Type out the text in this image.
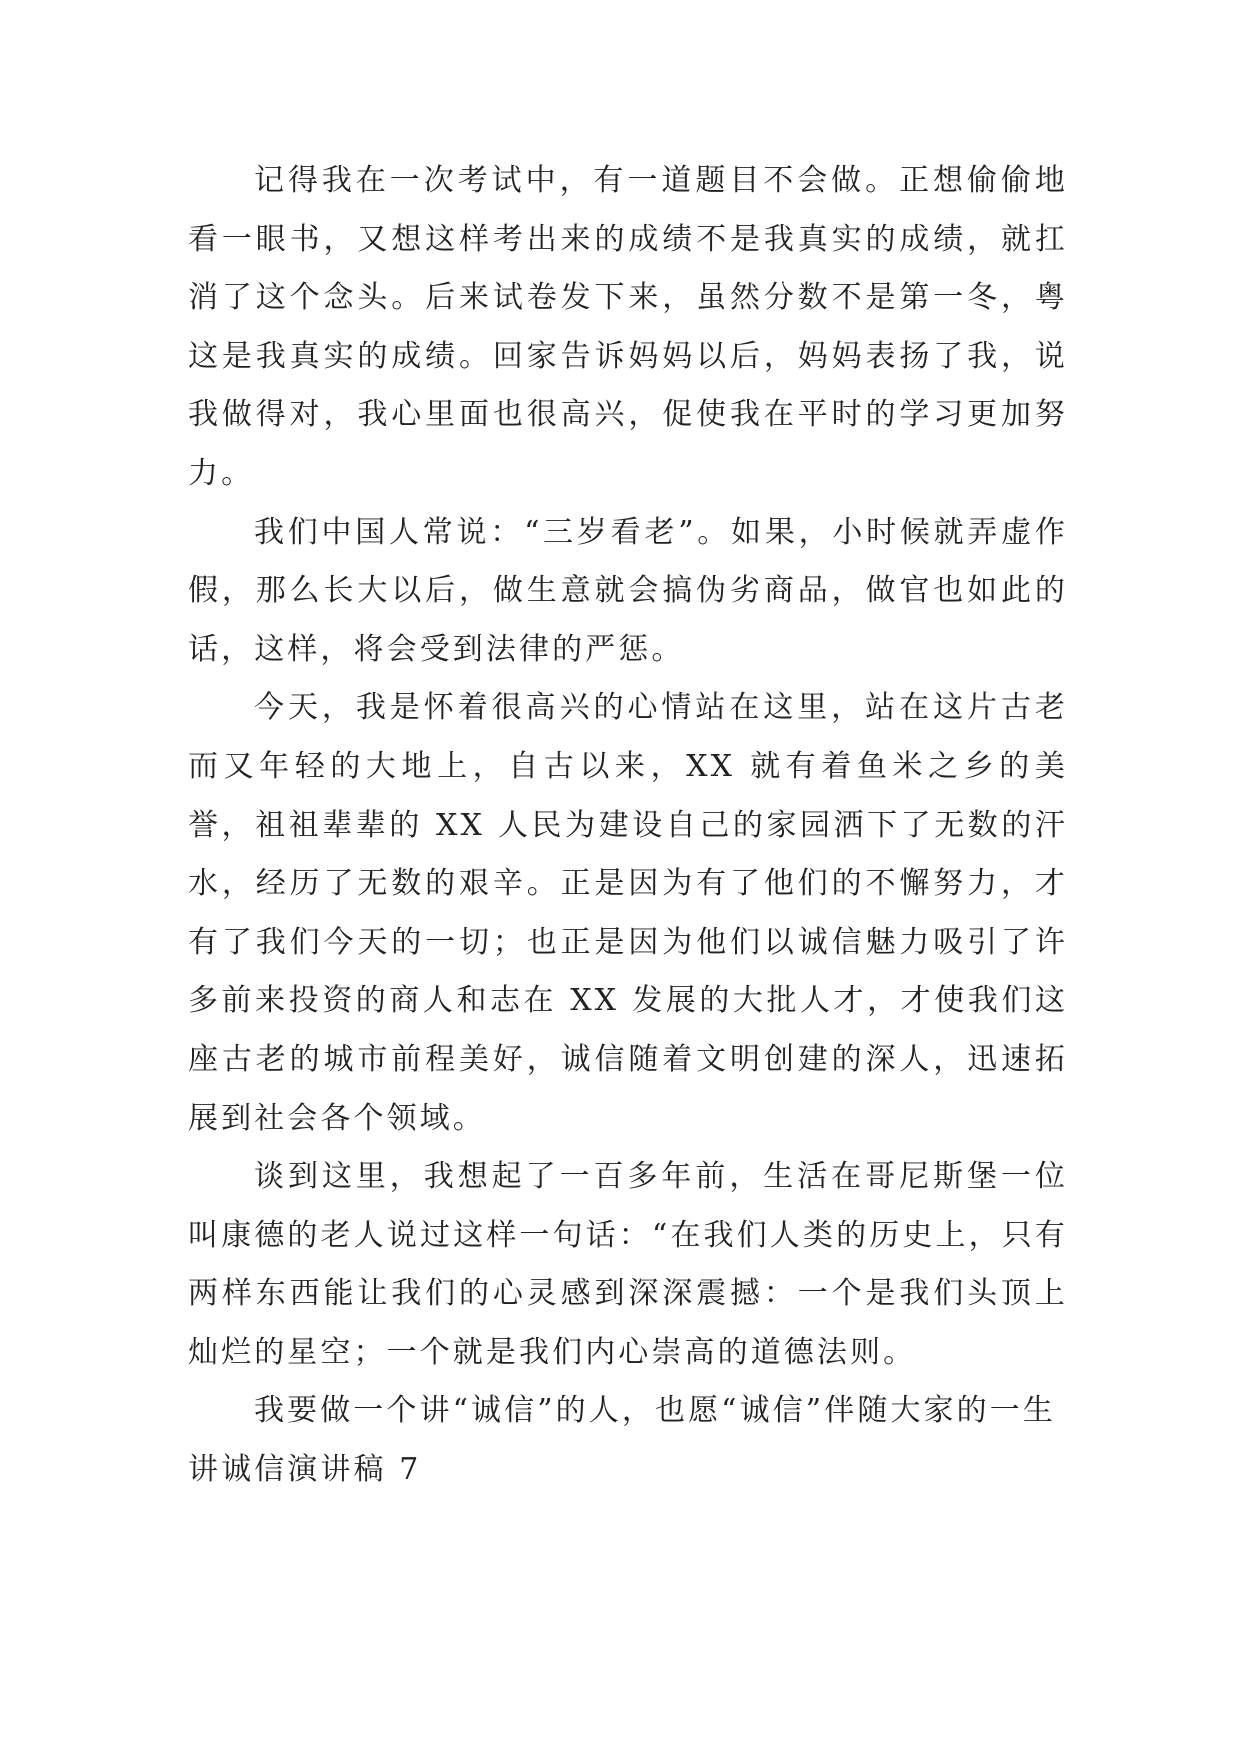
记得我在一次考试中，有一道题目不会做。正想偷偷地看一眼书，又想这样考出来的成绩不是我真实的成绩，就扛消了这个念头。后来试卷发下来，虽然分数不是第一冬，粤这是我真实的成绩。回家告诉妈妈以后，妈妈表扬了我，说我做得对，我心里面也很高兴，促使我在平时的学习更加努力。

我们中国人常说：“三岁看老”。如果，小时候就弄虚作假，那么长大以后，做生意就会搞伪劣商品，做官也如此的话，这样，将会受到法律的严惩。

今天，我是怀着很高兴的心情站在这里，站在这片古老而又年轻的大地上，自古以来，XX 就有着鱼米之乡的美誉，祖祖辈辈的 XX 人民为建设自己的家园洒下了无数的汗水，经历了无数的艰辛。正是因为有了他们的不懈努力，才有了我们今天的一切；也正是因为他们以诚信魅力吸引了许多前来投资的商人和志在 XX 发展的大批人才，才使我们这座古老的城市前程美好，诚信随着文明创建的深人，迅速拓展到社会各个领域。

谈到这里，我想起了一百多年前，生活在哥尼斯堡一位叫康德的老人说过这样一句话：“在我们人类的历史上，只有两样东西能让我们的心灵感到深深震撼：一个是我们头顶上灿烂的星空；一个就是我们内心崇高的道德法则。

我要做一个讲“诚信”的人，也愿“诚信”伴随大家的一生

讲诚信演讲稿 7
